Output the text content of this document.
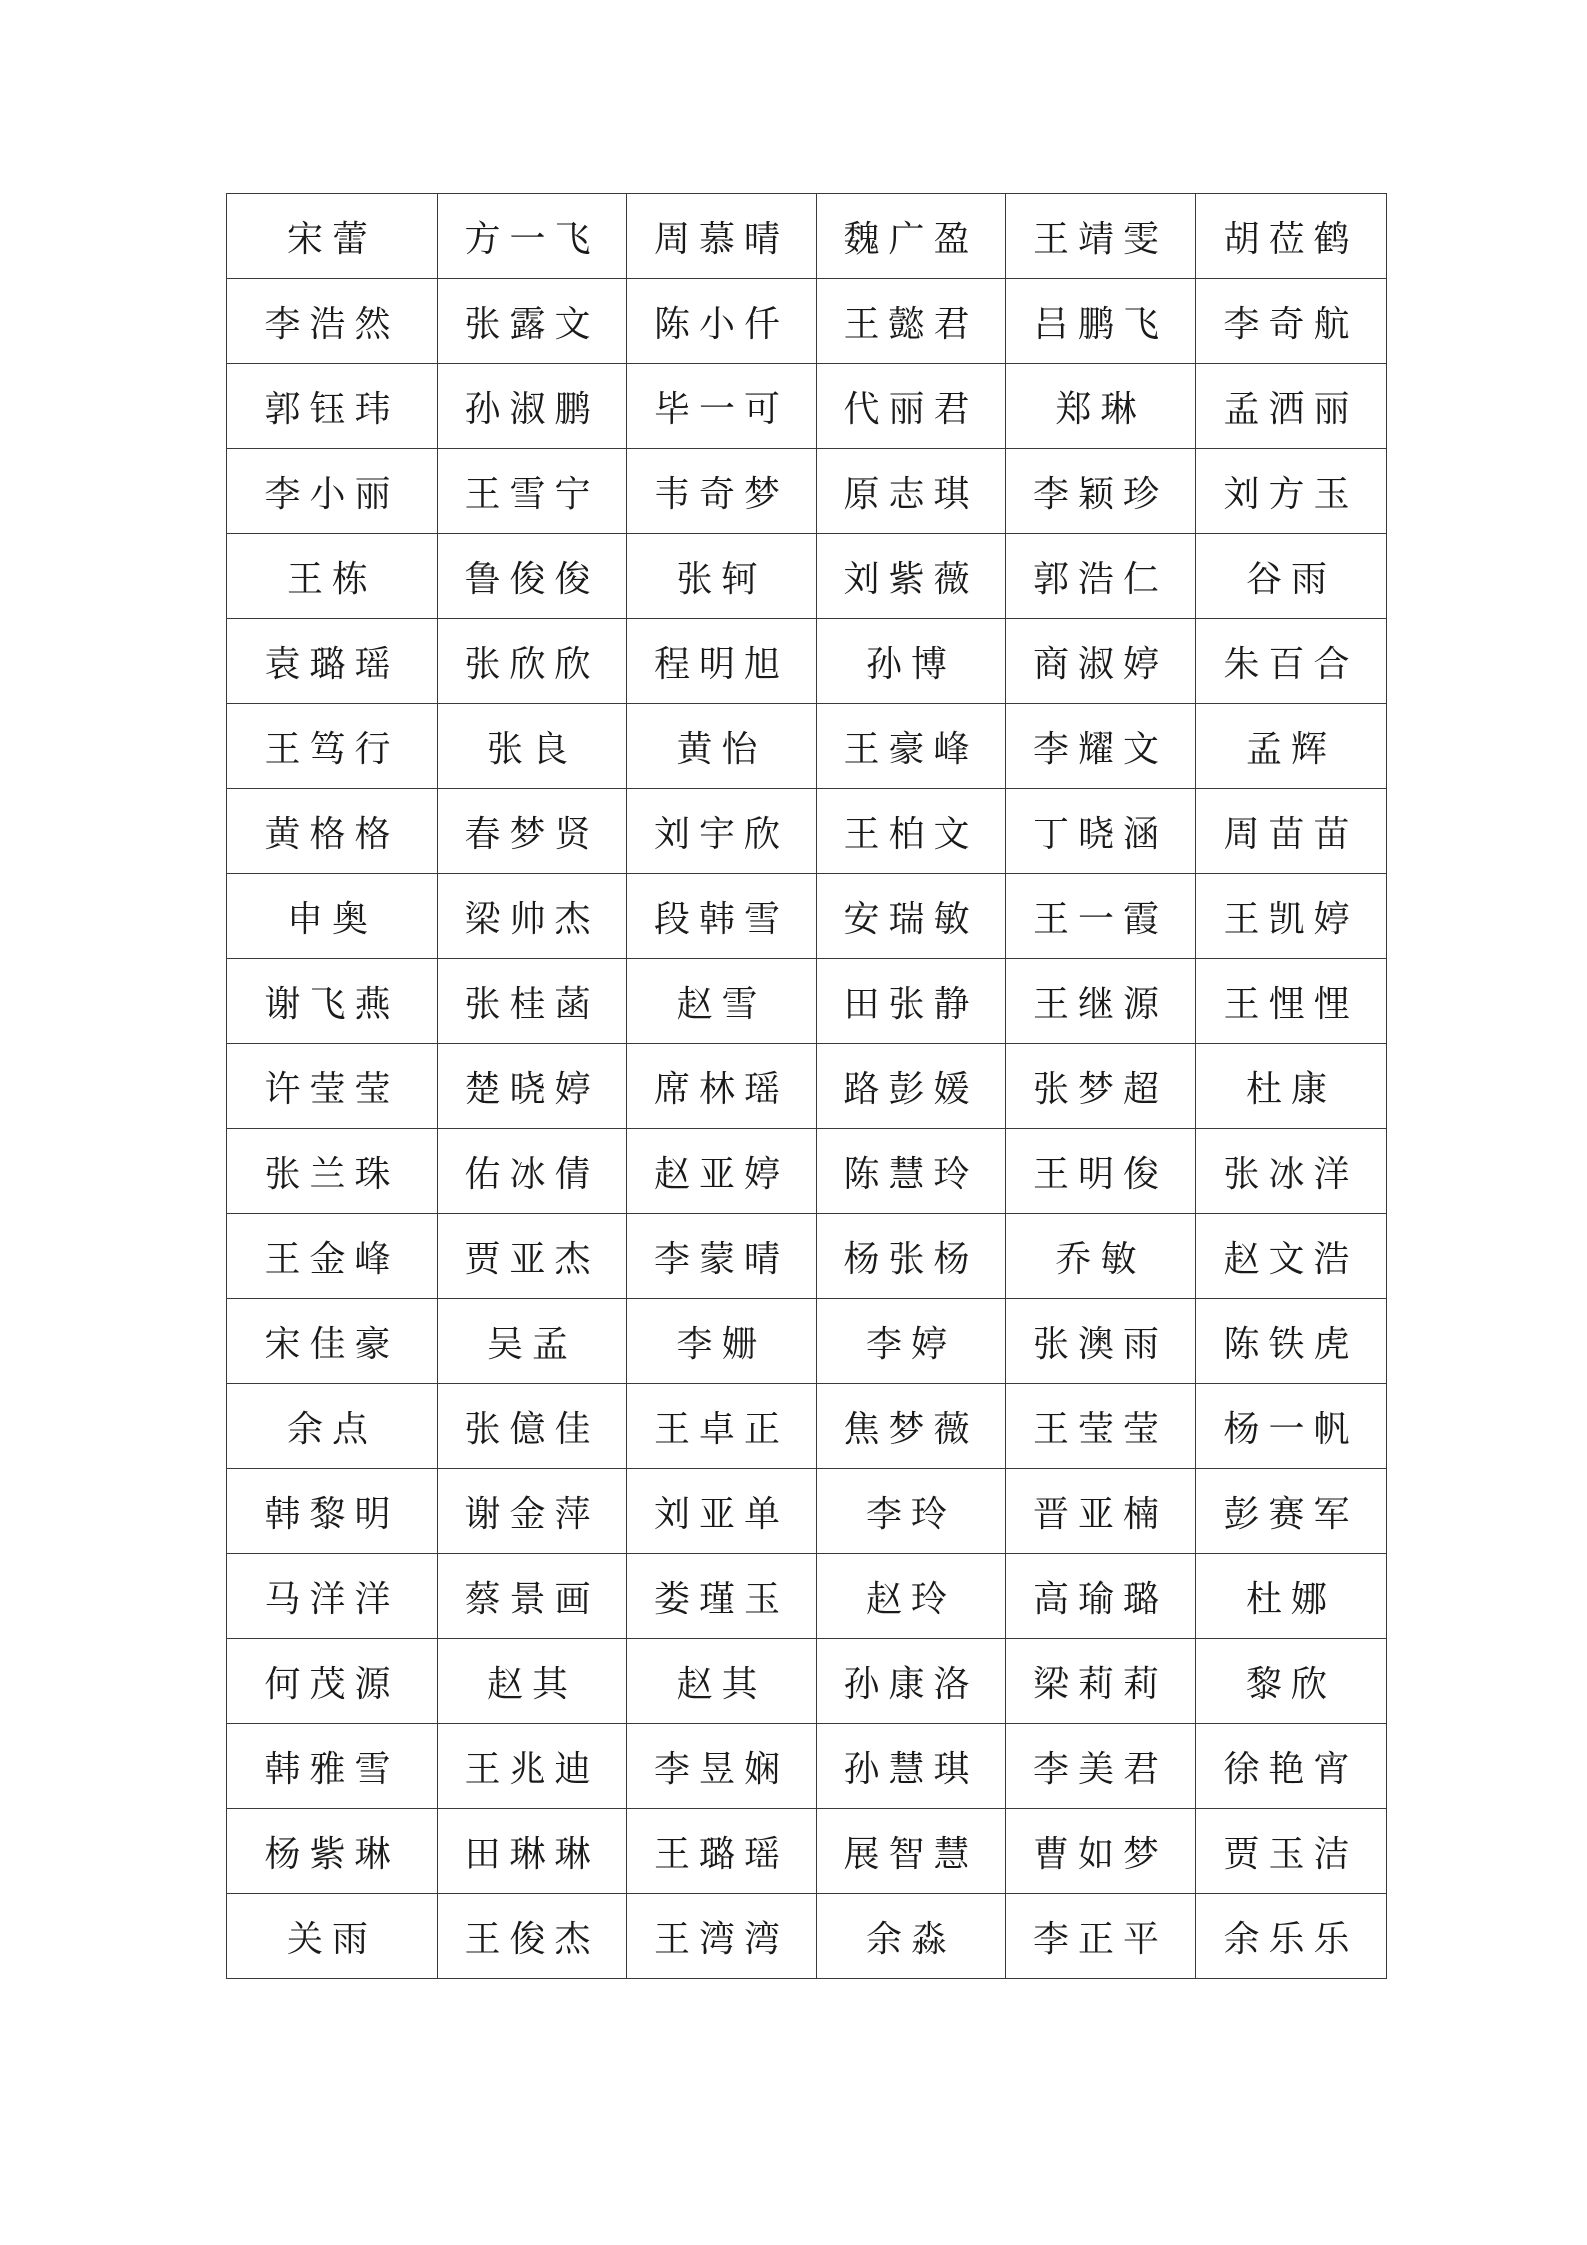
宋蕾	方一飞	周慕晴	魏广盈	王靖雯	胡莅鹤
李浩然	张露文	陈小仟	王懿君	吕鹏飞	李奇航
郭钰玮	孙淑鹏	毕一可	代丽君	郑琳	孟洒丽
李小丽	王雪宁	韦奇梦	原志琪	李颖珍	刘方玉
王栋	鲁俊俊	张轲	刘紫薇	郭浩仁	谷雨
袁璐瑶	张欣欣	程明旭	孙博	商淑婷	朱百合
王笃行	张良	黄怡	王豪峰	李耀文	孟辉
黄格格	春梦贤	刘宇欣	王柏文	丁晓涵	周苗苗
申奥	梁帅杰	段韩雪	安瑞敏	王一霞	王凯婷
谢飞燕	张桂菡	赵雪	田张静	王继源	王悝悝
许莹莹	楚晓婷	席林瑶	路彭媛	张梦超	杜康
张兰珠	佑冰倩	赵亚婷	陈慧玲	王明俊	张冰洋
王金峰	贾亚杰	李蒙晴	杨张杨	乔敏	赵文浩
宋佳豪	吴孟	李姗	李婷	张澳雨	陈铁虎
余点	张億佳	王卓正	焦梦薇	王莹莹	杨一帆
韩黎明	谢金萍	刘亚单	李玲	晋亚楠	彭赛军
马洋洋	蔡景画	娄瑾玉	赵玲	高瑜璐	杜娜
何茂源	赵其	赵其	孙康洛	梁莉莉	黎欣
韩雅雪	王兆迪	李昱娴	孙慧琪	李美君	徐艳宵
杨紫琳	田琳琳	王璐瑶	展智慧	曹如梦	贾玉洁
关雨	王俊杰	王湾湾	余淼	李正平	余乐乐
